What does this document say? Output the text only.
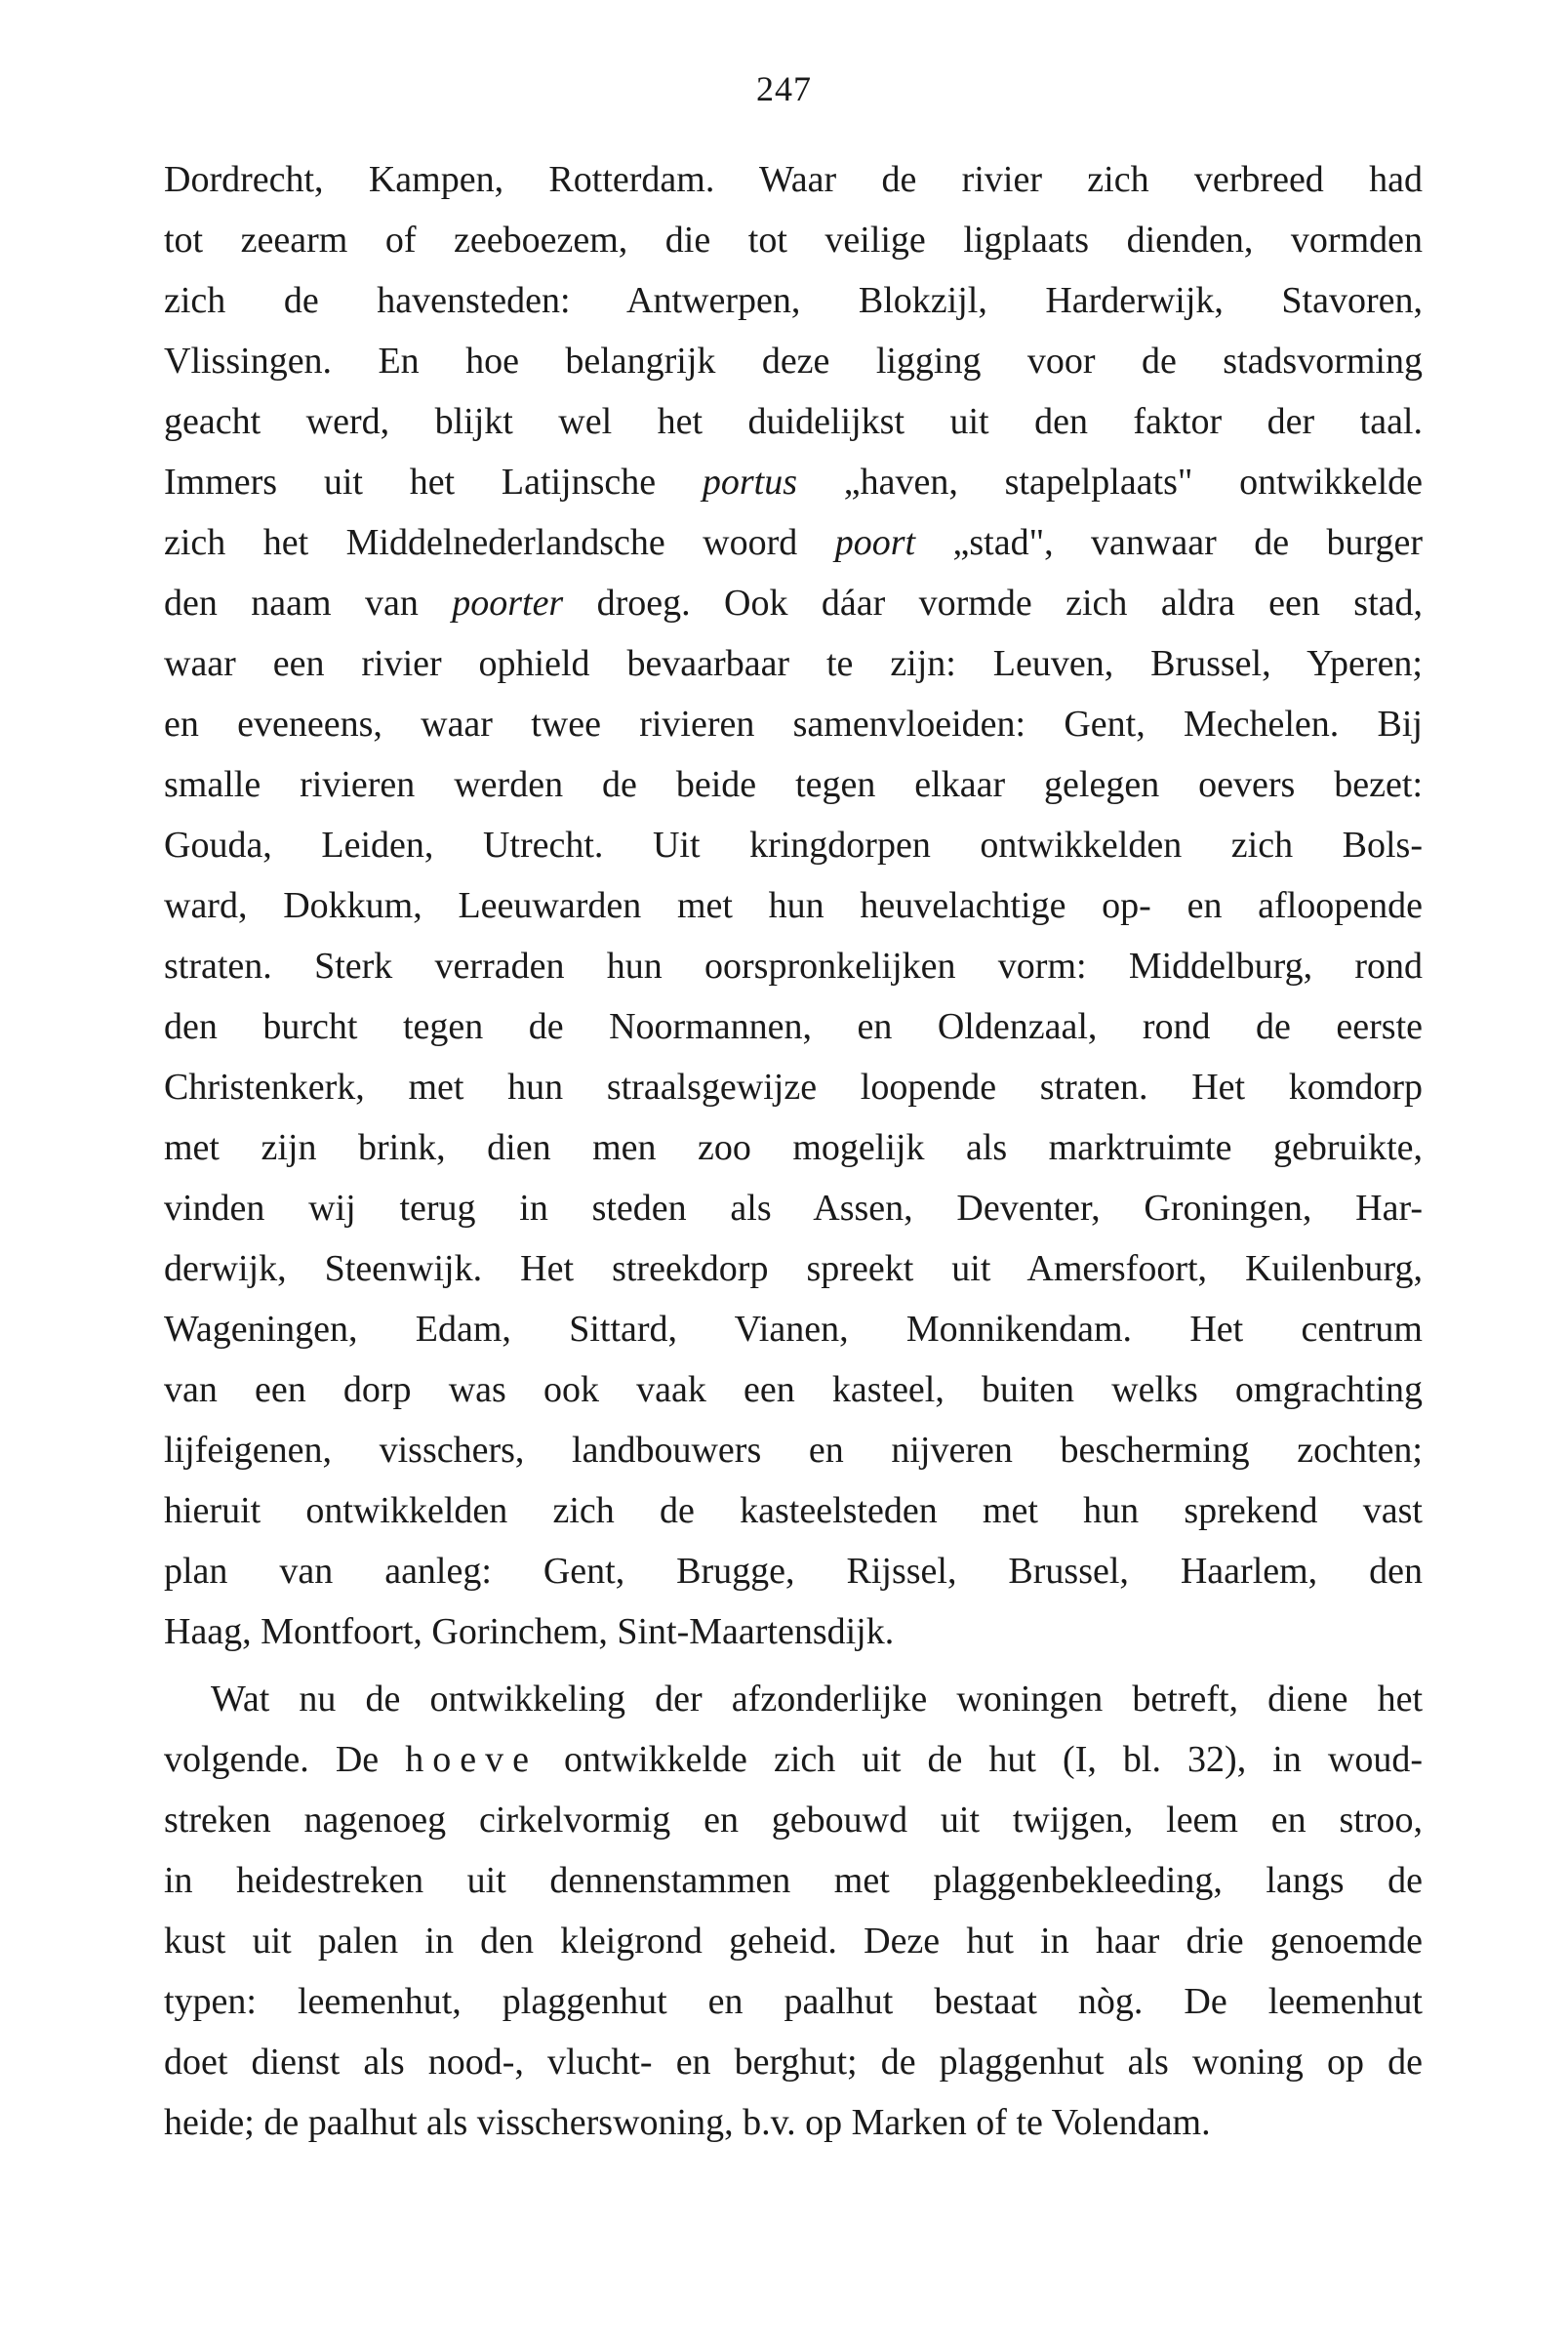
247
Dordrecht, Kampen, Rotterdam. Waar de rivier zich verbreed had
tot zeearm of zeeboezem, die tot veilige ligplaats dienden, vormden
zich de havensteden: Antwerpen, Blokzijl, Harderwijk, Stavoren,
Vlissingen. En hoe belangrijk deze ligging voor de stadsvorming
geacht werd, blijkt wel het duidelijkst uit den faktor der taal.
Immers uit het Latijnsche portus „haven, stapelplaats" ontwikkelde
zich het Middelnederlandsche woord poort „stad", vanwaar de burger
den naam van poorter droeg. Ook dáar vormde zich aldra een stad,
waar een rivier ophield bevaarbaar te zijn: Leuven, Brussel, Yperen;
en eveneens, waar twee rivieren samenvloeiden: Gent, Mechelen. Bij
smalle rivieren werden de beide tegen elkaar gelegen oevers bezet:
Gouda, Leiden, Utrecht. Uit kringdorpen ontwikkelden zich Bols-
ward, Dokkum, Leeuwarden met hun heuvelachtige op- en afloopende
straten. Sterk verraden hun oorspronkelijken vorm: Middelburg, rond
den burcht tegen de Noormannen, en Oldenzaal, rond de eerste
Christenkerk, met hun straalsgewijze loopende straten. Het komdorp
met zijn brink, dien men zoo mogelijk als marktruimte gebruikte,
vinden wij terug in steden als Assen, Deventer, Groningen, Har-
derwijk, Steenwijk. Het streekdorp spreekt uit Amersfoort, Kuilenburg,
Wageningen, Edam, Sittard, Vianen, Monnikendam. Het centrum
van een dorp was ook vaak een kasteel, buiten welks omgrachting
lijfeigenen, visschers, landbouwers en nijveren bescherming zochten;
hieruit ontwikkelden zich de kasteelsteden met hun sprekend vast
plan van aanleg: Gent, Brugge, Rijssel, Brussel, Haarlem, den
Haag, Montfoort, Gorinchem, Sint-Maartensdijk.
Wat nu de ontwikkeling der afzonderlijke woningen betreft, diene het
volgende. De hoeve ontwikkelde zich uit de hut (I, bl. 32), in woud-
streken nagenoeg cirkelvormig en gebouwd uit twijgen, leem en stroo,
in heidestreken uit dennenstammen met plaggenbekleeding, langs de
kust uit palen in den kleigrond geheid. Deze hut in haar drie genoemde
typen: leemenhut, plaggenhut en paalhut bestaat nòg. De leemenhut
doet dienst als nood-, vlucht- en berghut; de plaggenhut als woning op de
heide; de paalhut als visscherswoning, b.v. op Marken of te Volendam.
